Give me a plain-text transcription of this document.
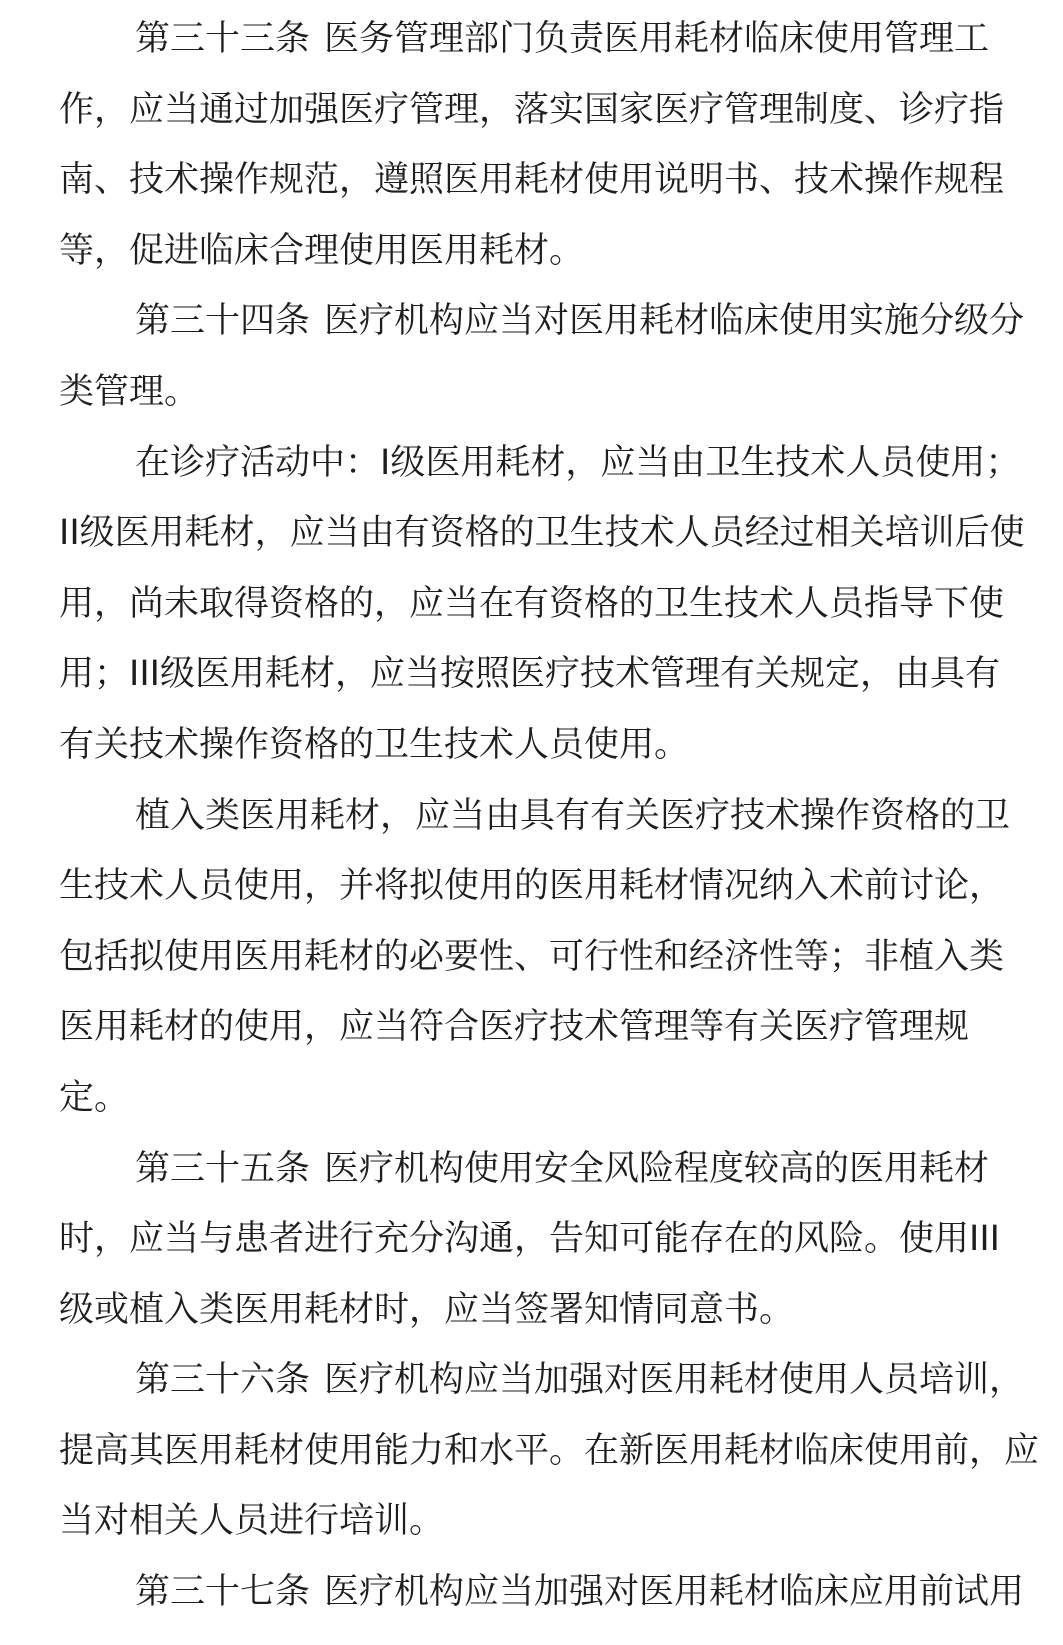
第三十三条 医务管理部门负责医用耗材临床使用管理工
作，应当通过加强医疗管理，落实国家医疗管理制度、诊疗指
南、技术操作规范，遵照医用耗材使用说明书、技术操作规程
等，促进临床合理使用医用耗材。
第三十四条 医疗机构应当对医用耗材临床使用实施分级分
类管理。
在诊疗活动中：I级医用耗材，应当由卫生技术人员使用；
II级医用耗材，应当由有资格的卫生技术人员经过相关培训后使
用，尚未取得资格的，应当在有资格的卫生技术人员指导下使
用；III级医用耗材，应当按照医疗技术管理有关规定，由具有
有关技术操作资格的卫生技术人员使用。
植入类医用耗材，应当由具有有关医疗技术操作资格的卫
生技术人员使用，并将拟使用的医用耗材情况纳入术前讨论，
包括拟使用医用耗材的必要性、可行性和经济性等；非植入类
医用耗材的使用，应当符合医疗技术管理等有关医疗管理规
定。
第三十五条 医疗机构使用安全风险程度较高的医用耗材
时，应当与患者进行充分沟通，告知可能存在的风险。使用III
级或植入类医用耗材时，应当签署知情同意书。
第三十六条 医疗机构应当加强对医用耗材使用人员培训，
提高其医用耗材使用能力和水平。在新医用耗材临床使用前，应
当对相关人员进行培训。
第三十七条 医疗机构应当加强对医用耗材临床应用前试用
